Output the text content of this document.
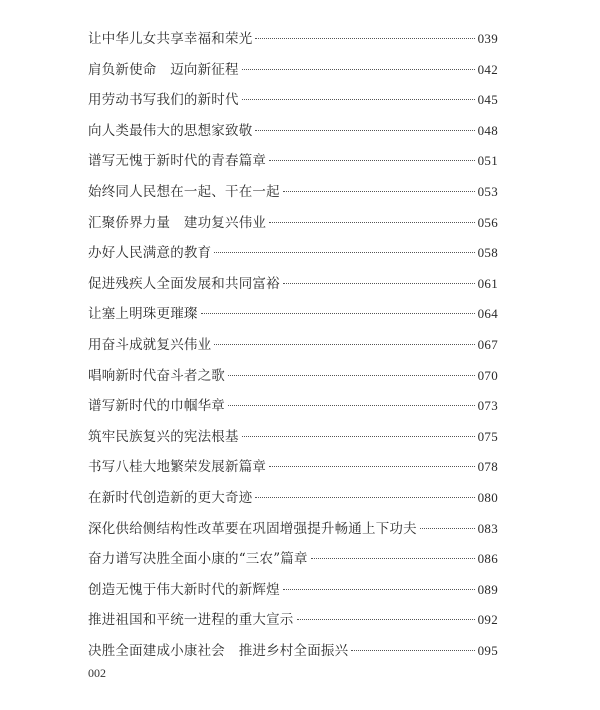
让中华儿女共享幸福和荣光	039
肩负新使命　迈向新征程	042
用劳动书写我们的新时代	045
向人类最伟大的思想家致敬	048
谱写无愧于新时代的青春篇章	051
始终同人民想在一起、干在一起	053
汇聚侨界力量　建功复兴伟业	056
办好人民满意的教育	058
促进残疾人全面发展和共同富裕	061
让塞上明珠更璀璨	064
用奋斗成就复兴伟业	067
唱响新时代奋斗者之歌	070
谱写新时代的巾帼华章	073
筑牢民族复兴的宪法根基	075
书写八桂大地繁荣发展新篇章	078
在新时代创造新的更大奇迹	080
深化供给侧结构性改革要在巩固增强提升畅通上下功夫	083
奋力谱写决胜全面小康的“三农”篇章	086
创造无愧于伟大新时代的新辉煌	089
推进祖国和平统一进程的重大宣示	092
决胜全面建成小康社会　推进乡村全面振兴	095
002
